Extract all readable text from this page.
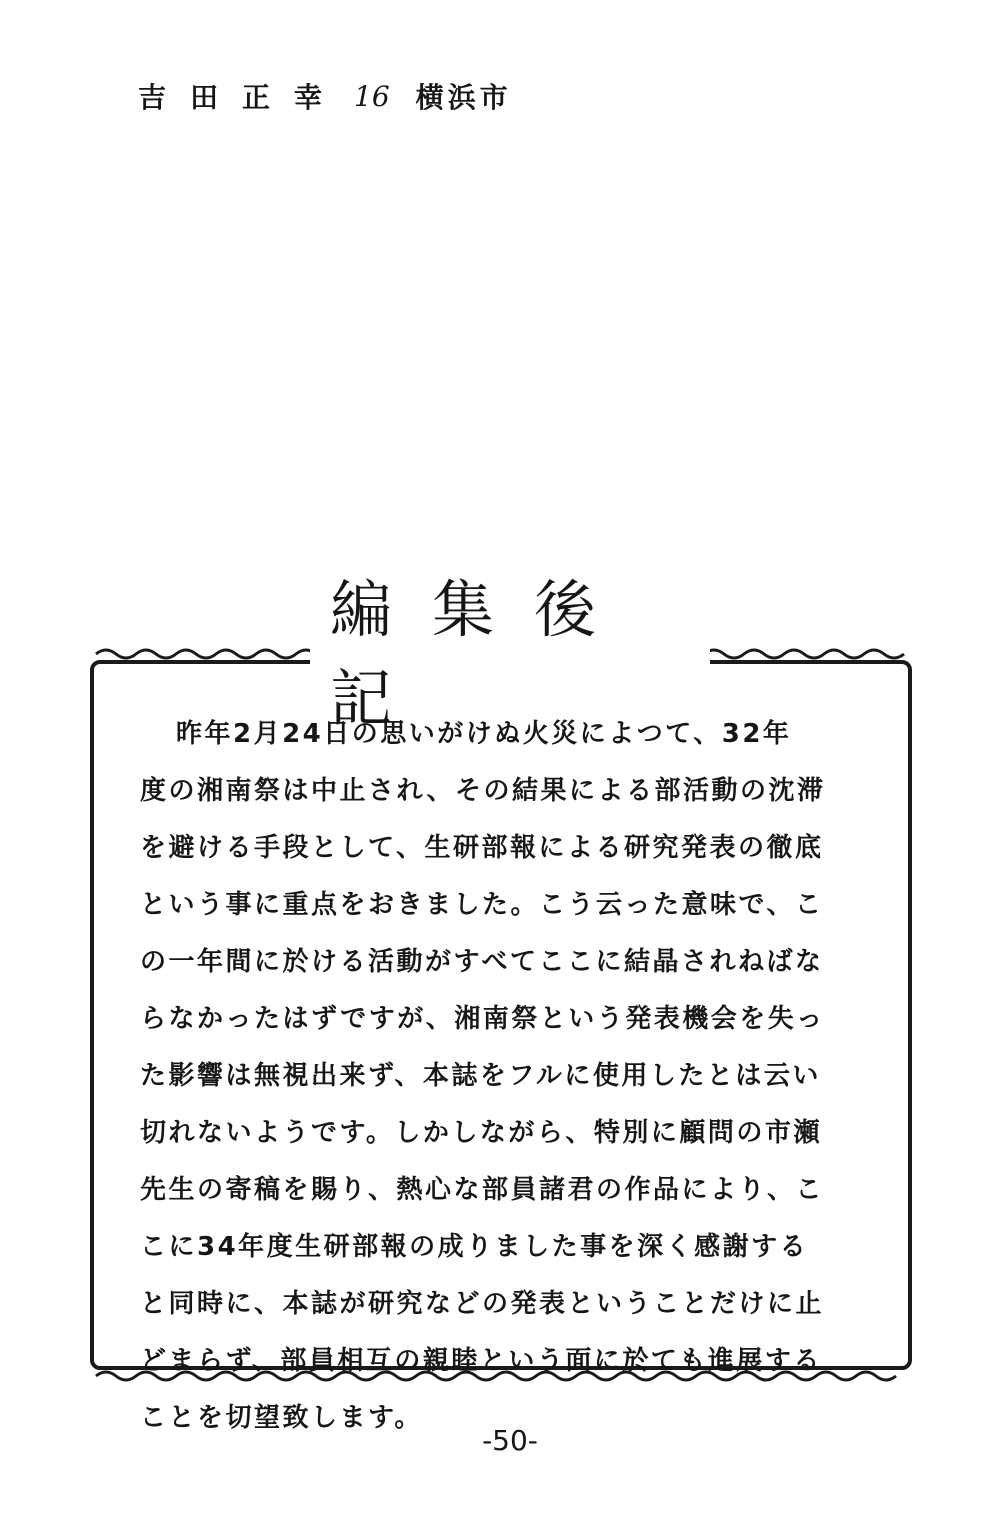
吉田正幸 16 横浜市
編集後記
昨年2月24日の思いがけぬ火災によつて、32年
度の湘南祭は中止され、その結果による部活動の沈滞
を避ける手段として、生研部報による研究発表の徹底
という事に重点をおきました。こう云った意味で、こ
の一年間に於ける活動がすべてここに結晶されねばな
らなかったはずですが、湘南祭という発表機会を失っ
た影響は無視出来ず、本誌をフルに使用したとは云い
切れないようです。しかしながら、特別に顧問の市瀬
先生の寄稿を賜り、熱心な部員諸君の作品により、こ
こに34年度生研部報の成りました事を深く感謝する
と同時に、本誌が研究などの発表ということだけに止
どまらず、部員相互の親睦という面に於ても進展する
ことを切望致します。
-50-
